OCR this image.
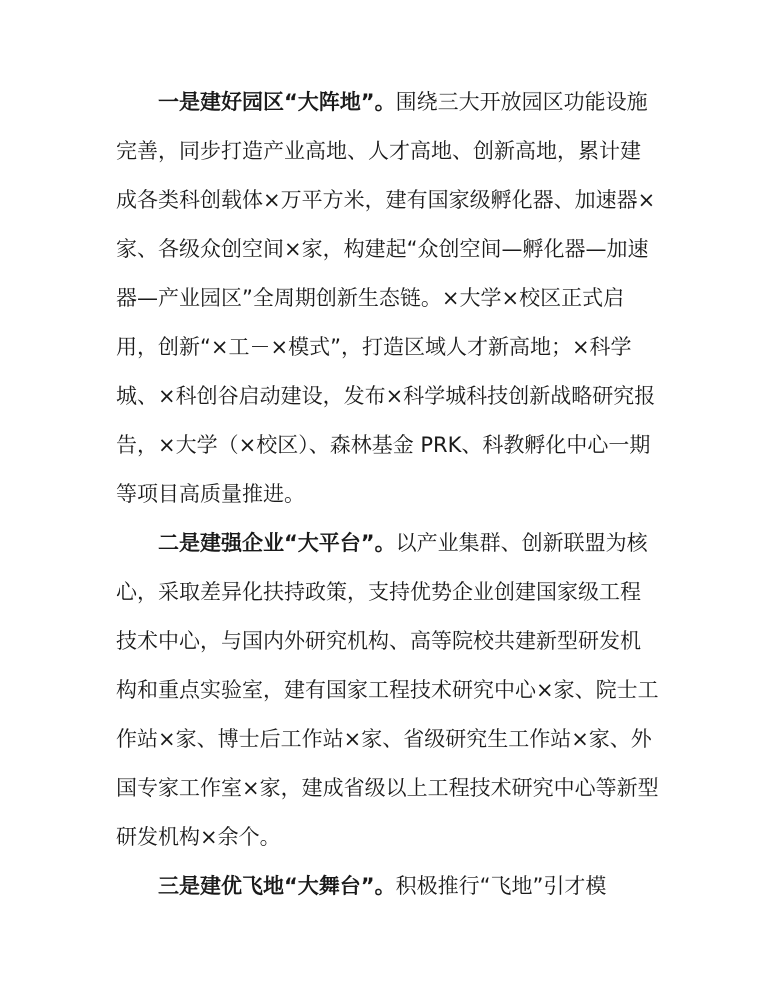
一是建好园区“大阵地”。围绕三大开放园区功能设施
完善，同步打造产业高地、人才高地、创新高地，累计建
成各类科创载体×万平方米，建有国家级孵化器、加速器×
家、各级众创空间×家，构建起“众创空间—孵化器—加速
器—产业园区”全周期创新生态链。×大学×校区正式启
用，创新“×工－×模式”，打造区域人才新高地；×科学
城、×科创谷启动建设，发布×科学城科技创新战略研究报
告，×大学（×校区）、森林基金 PRK、科教孵化中心一期
等项目高质量推进。
二是建强企业“大平台”。以产业集群、创新联盟为核
心，采取差异化扶持政策，支持优势企业创建国家级工程
技术中心，与国内外研究机构、高等院校共建新型研发机
构和重点实验室，建有国家工程技术研究中心×家、院士工
作站×家、博士后工作站×家、省级研究生工作站×家、外
国专家工作室×家，建成省级以上工程技术研究中心等新型
研发机构×余个。
三是建优飞地“大舞台”。积极推行“飞地”引才模
